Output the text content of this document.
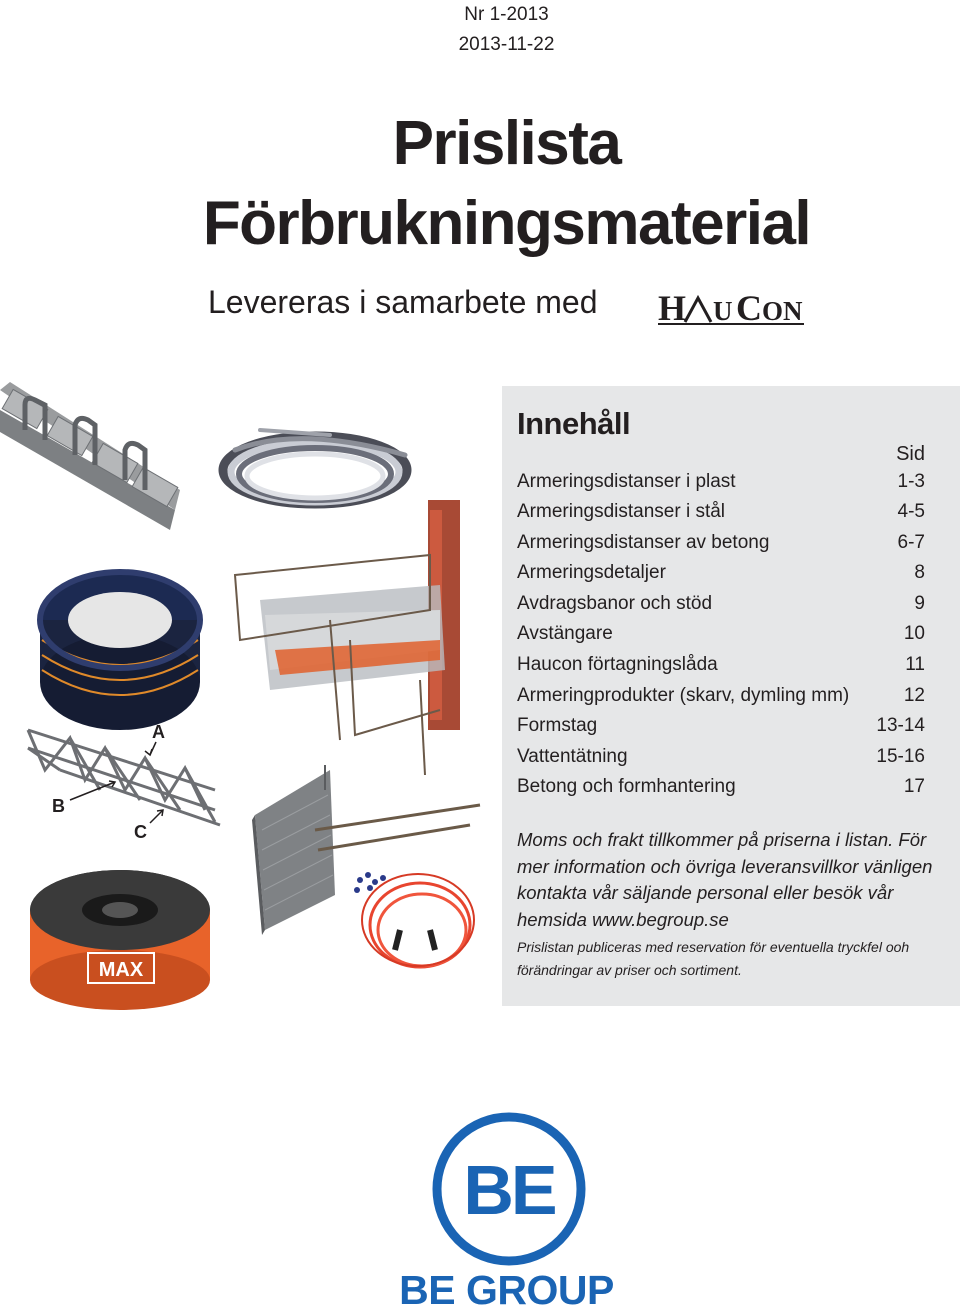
Nr 1-2013
2013-11-22
Prislista
Förbrukningsmaterial
Levereras i samarbete med H U C O N
MAX
A
B
C
Innehåll
Sid
Armeringsdistanser i plast	1-3
Armeringsdistanser i stål	4-5
Armeringsdistanser av betong	6-7
Armeringsdetaljer	8
Avdragsbanor och stöd	9
Avstängare	10
Haucon förtagningslåda	11
Armeringprodukter (skarv, dymling mm)	12
Formstag	13-14
Vattentätning	15-16
Betong och formhantering	17
Moms och frakt tillkommer på priserna i listan. För mer information och övriga leveransvillkor vänligen kontakta vår säljande personal eller besök vår hemsida www.begroup.se
Prislistan publiceras med reservation för eventuella tryckfel ooh förändringar av priser och sortiment.
BE
BE GROUP
